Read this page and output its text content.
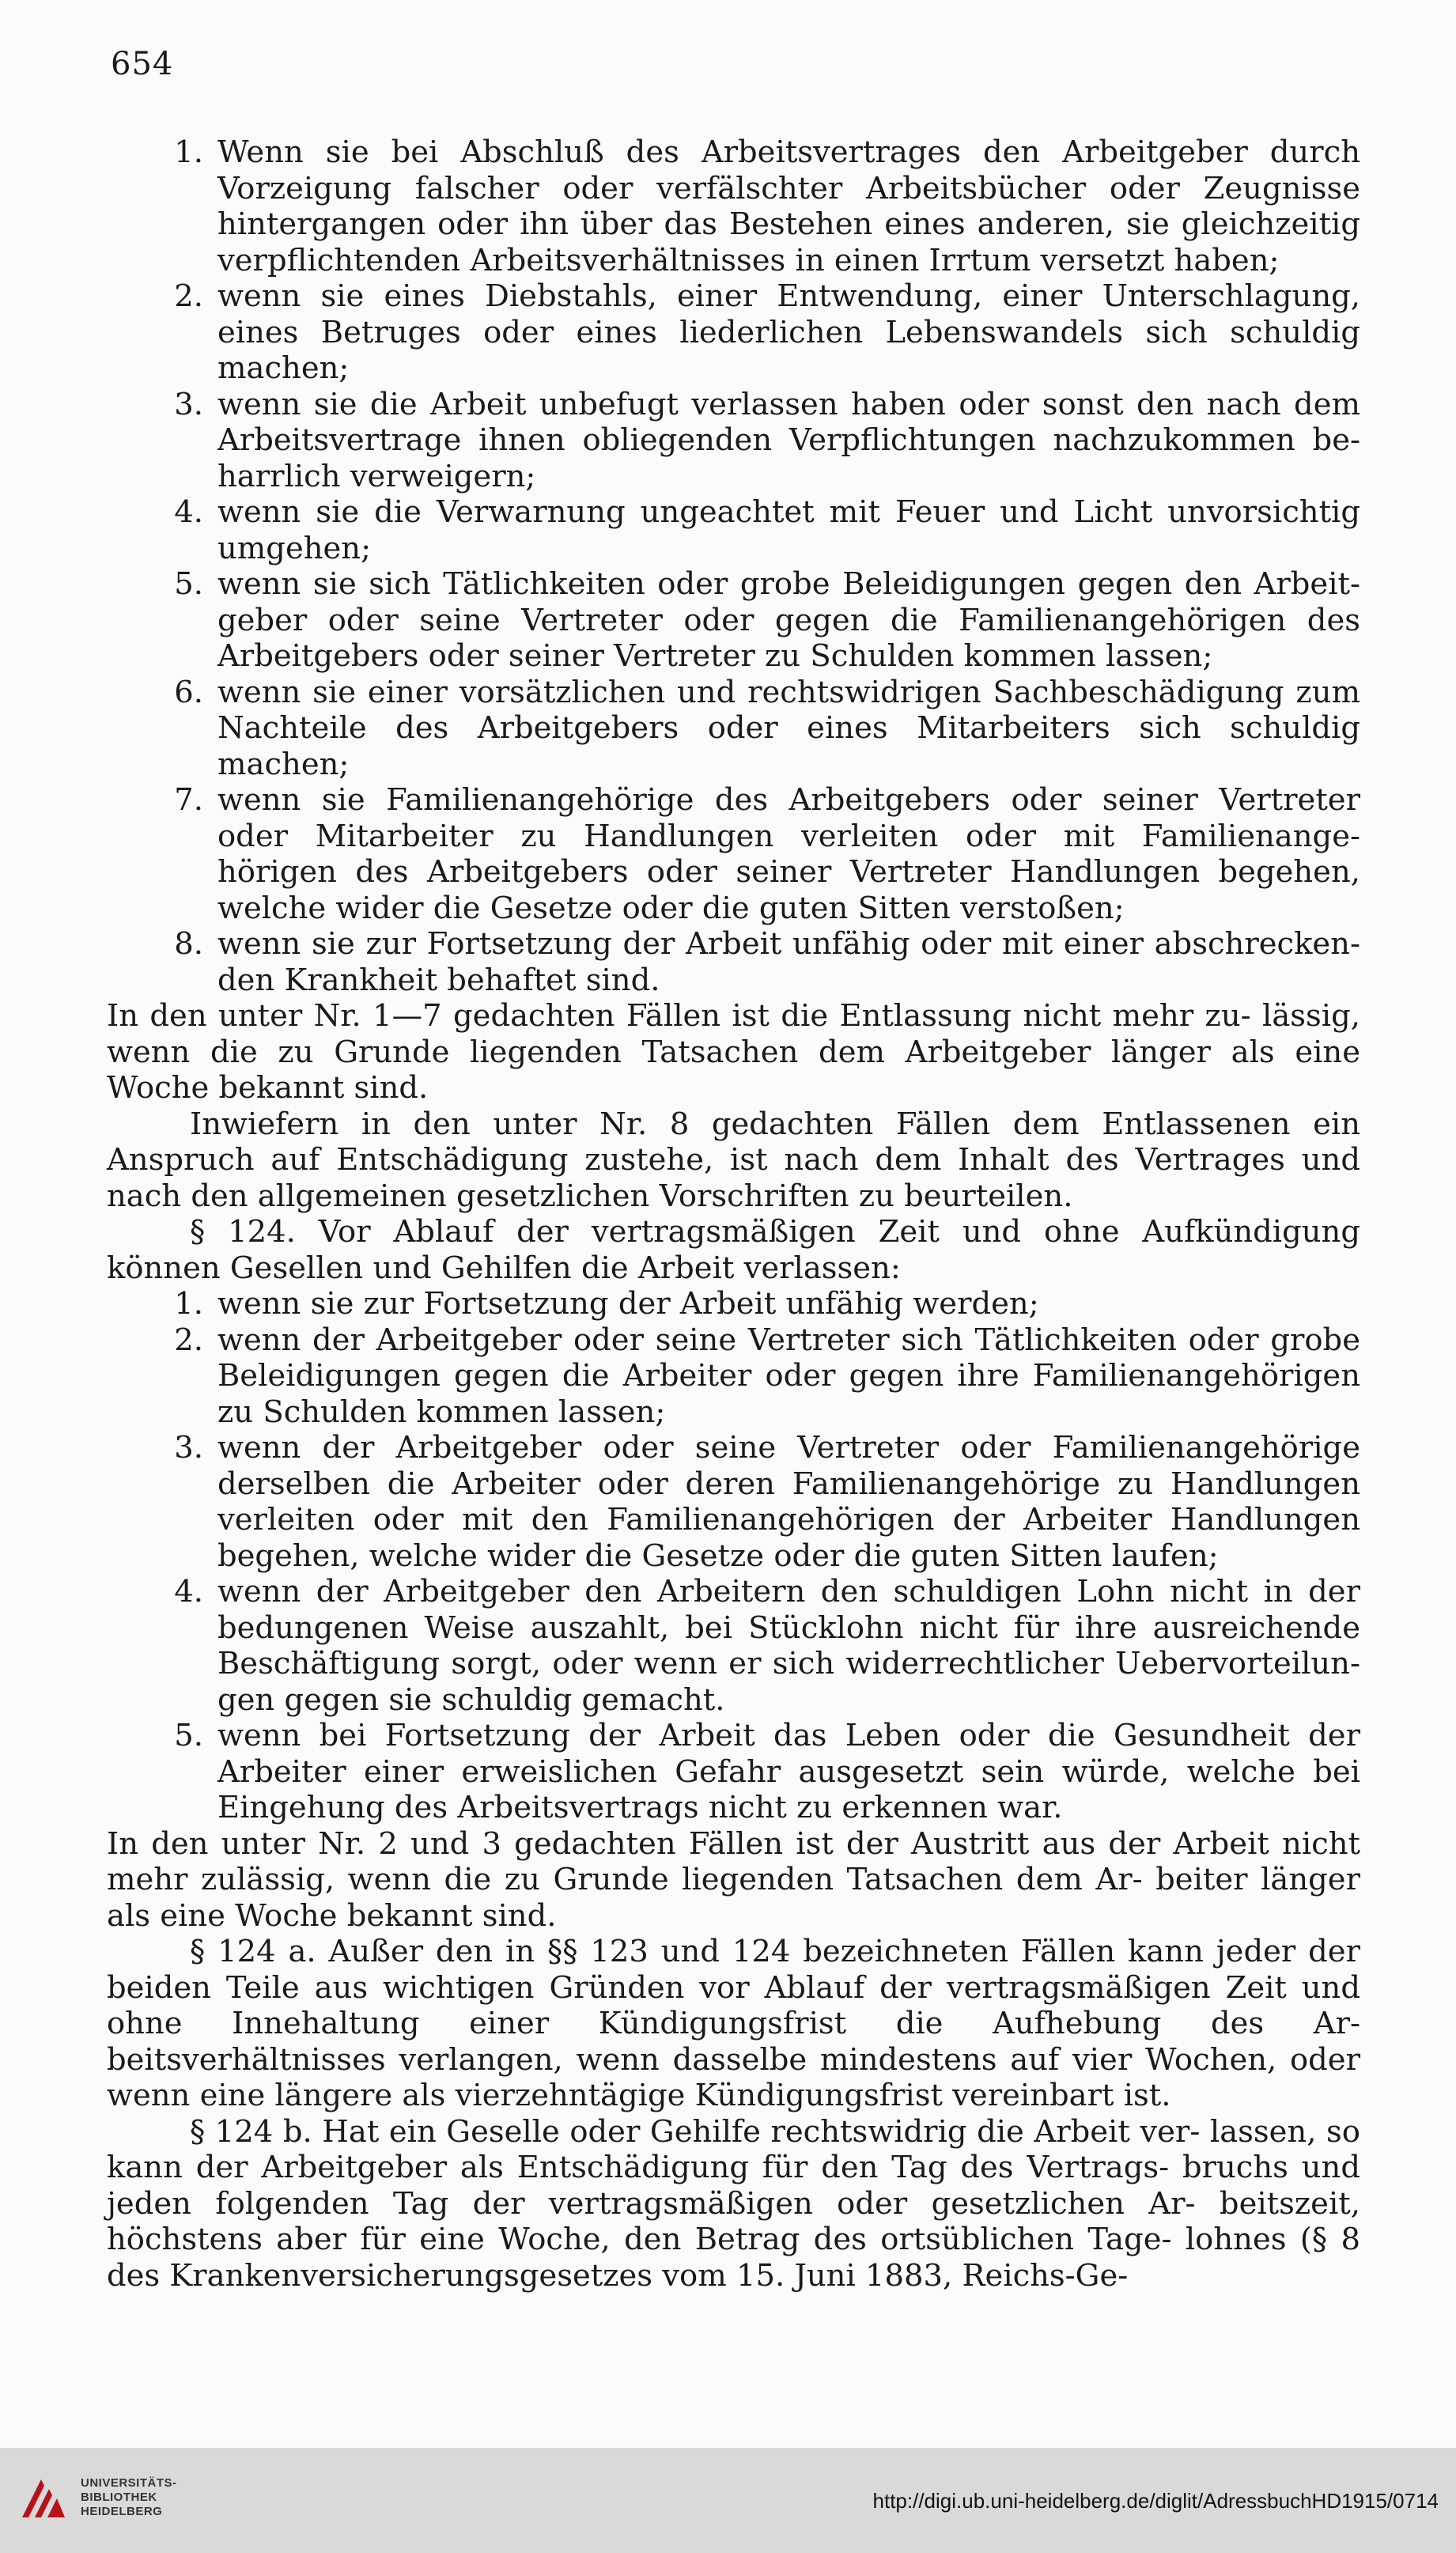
654
1. Wenn sie bei Abschluß des Arbeitsvertrages den Arbeitgeber durch Vorzeigung falscher oder verfälschter Arbeitsbücher oder Zeugnisse hintergangen oder ihn über das Bestehen eines anderen, sie gleichzeitig verpflichtenden Arbeitsverhältnisses in einen Irrtum versetzt haben;
2. wenn sie eines Diebstahls, einer Entwendung, einer Unterschlagung, eines Betruges oder eines liederlichen Lebenswandels sich schuldig machen;
3. wenn sie die Arbeit unbefugt verlassen haben oder sonst den nach dem Arbeitsvertrage ihnen obliegenden Verpflichtungen nachzukommen be- harrlich verweigern;
4. wenn sie die Verwarnung ungeachtet mit Feuer und Licht unvorsichtig umgehen;
5. wenn sie sich Tätlichkeiten oder grobe Beleidigungen gegen den Arbeit- geber oder seine Vertreter oder gegen die Familienangehörigen des Arbeitgebers oder seiner Vertreter zu Schulden kommen lassen;
6. wenn sie einer vorsätzlichen und rechtswidrigen Sachbeschädigung zum Nachteile des Arbeitgebers oder eines Mitarbeiters sich schuldig machen;
7. wenn sie Familienangehörige des Arbeitgebers oder seiner Vertreter oder Mitarbeiter zu Handlungen verleiten oder mit Familienange- hörigen des Arbeitgebers oder seiner Vertreter Handlungen begehen, welche wider die Gesetze oder die guten Sitten verstoßen;
8. wenn sie zur Fortsetzung der Arbeit unfähig oder mit einer abschrecken- den Krankheit behaftet sind.

In den unter Nr. 1—7 gedachten Fällen ist die Entlassung nicht mehr zu- lässig, wenn die zu Grunde liegenden Tatsachen dem Arbeitgeber länger als eine Woche bekannt sind.

Inwiefern in den unter Nr. 8 gedachten Fällen dem Entlassenen ein Anspruch auf Entschädigung zustehe, ist nach dem Inhalt des Vertrages und nach den allgemeinen gesetzlichen Vorschriften zu beurteilen.

§ 124. Vor Ablauf der vertragsmäßigen Zeit und ohne Aufkündigung können Gesellen und Gehilfen die Arbeit verlassen:

1. wenn sie zur Fortsetzung der Arbeit unfähig werden;
2. wenn der Arbeitgeber oder seine Vertreter sich Tätlichkeiten oder grobe Beleidigungen gegen die Arbeiter oder gegen ihre Familienangehörigen zu Schulden kommen lassen;
3. wenn der Arbeitgeber oder seine Vertreter oder Familienangehörige derselben die Arbeiter oder deren Familienangehörige zu Handlungen verleiten oder mit den Familienangehörigen der Arbeiter Handlungen begehen, welche wider die Gesetze oder die guten Sitten laufen;
4. wenn der Arbeitgeber den Arbeitern den schuldigen Lohn nicht in der bedungenen Weise auszahlt, bei Stücklohn nicht für ihre ausreichende Beschäftigung sorgt, oder wenn er sich widerrechtlicher Uebervorteilun- gen gegen sie schuldig gemacht.
5. wenn bei Fortsetzung der Arbeit das Leben oder die Gesundheit der Arbeiter einer erweislichen Gefahr ausgesetzt sein würde, welche bei Eingehung des Arbeitsvertrags nicht zu erkennen war.

In den unter Nr. 2 und 3 gedachten Fällen ist der Austritt aus der Arbeit nicht mehr zulässig, wenn die zu Grunde liegenden Tatsachen dem Ar- beiter länger als eine Woche bekannt sind.

§ 124 a. Außer den in §§ 123 und 124 bezeichneten Fällen kann jeder der beiden Teile aus wichtigen Gründen vor Ablauf der vertragsmäßigen Zeit und ohne Innehaltung einer Kündigungsfrist die Aufhebung des Ar- beitsverhältnisses verlangen, wenn dasselbe mindestens auf vier Wochen, oder wenn eine längere als vierzehntägige Kündigungsfrist vereinbart ist.

§ 124 b. Hat ein Geselle oder Gehilfe rechtswidrig die Arbeit ver- lassen, so kann der Arbeitgeber als Entschädigung für den Tag des Vertrags- bruchs und jeden folgenden Tag der vertragsmäßigen oder gesetzlichen Ar- beitszeit, höchstens aber für eine Woche, den Betrag des ortsüblichen Tage- lohnes (§ 8 des Krankenversicherungsgesetzes vom 15. Juni 1883, Reichs-Ge-

UNIVERSITÄTS-
BIBLIOTHEK
HEIDELBERG	http://digi.ub.uni-heidelberg.de/diglit/AdressbuchHD1915/0714
